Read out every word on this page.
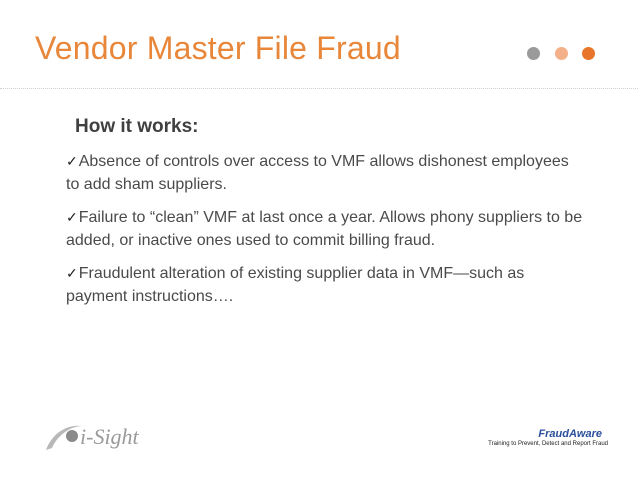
Vendor Master File Fraud
How it works:
✓Absence of controls over access to VMF allows dishonest employees to add sham suppliers.
✓Failure to “clean” VMF at last once a year. Allows phony suppliers to be added, or inactive ones used to commit billing fraud.
✓Fraudulent alteration of existing supplier data in VMF—such as payment instructions….
i-Sight	FraudAware
Training to Prevent, Detect and Report Fraud
